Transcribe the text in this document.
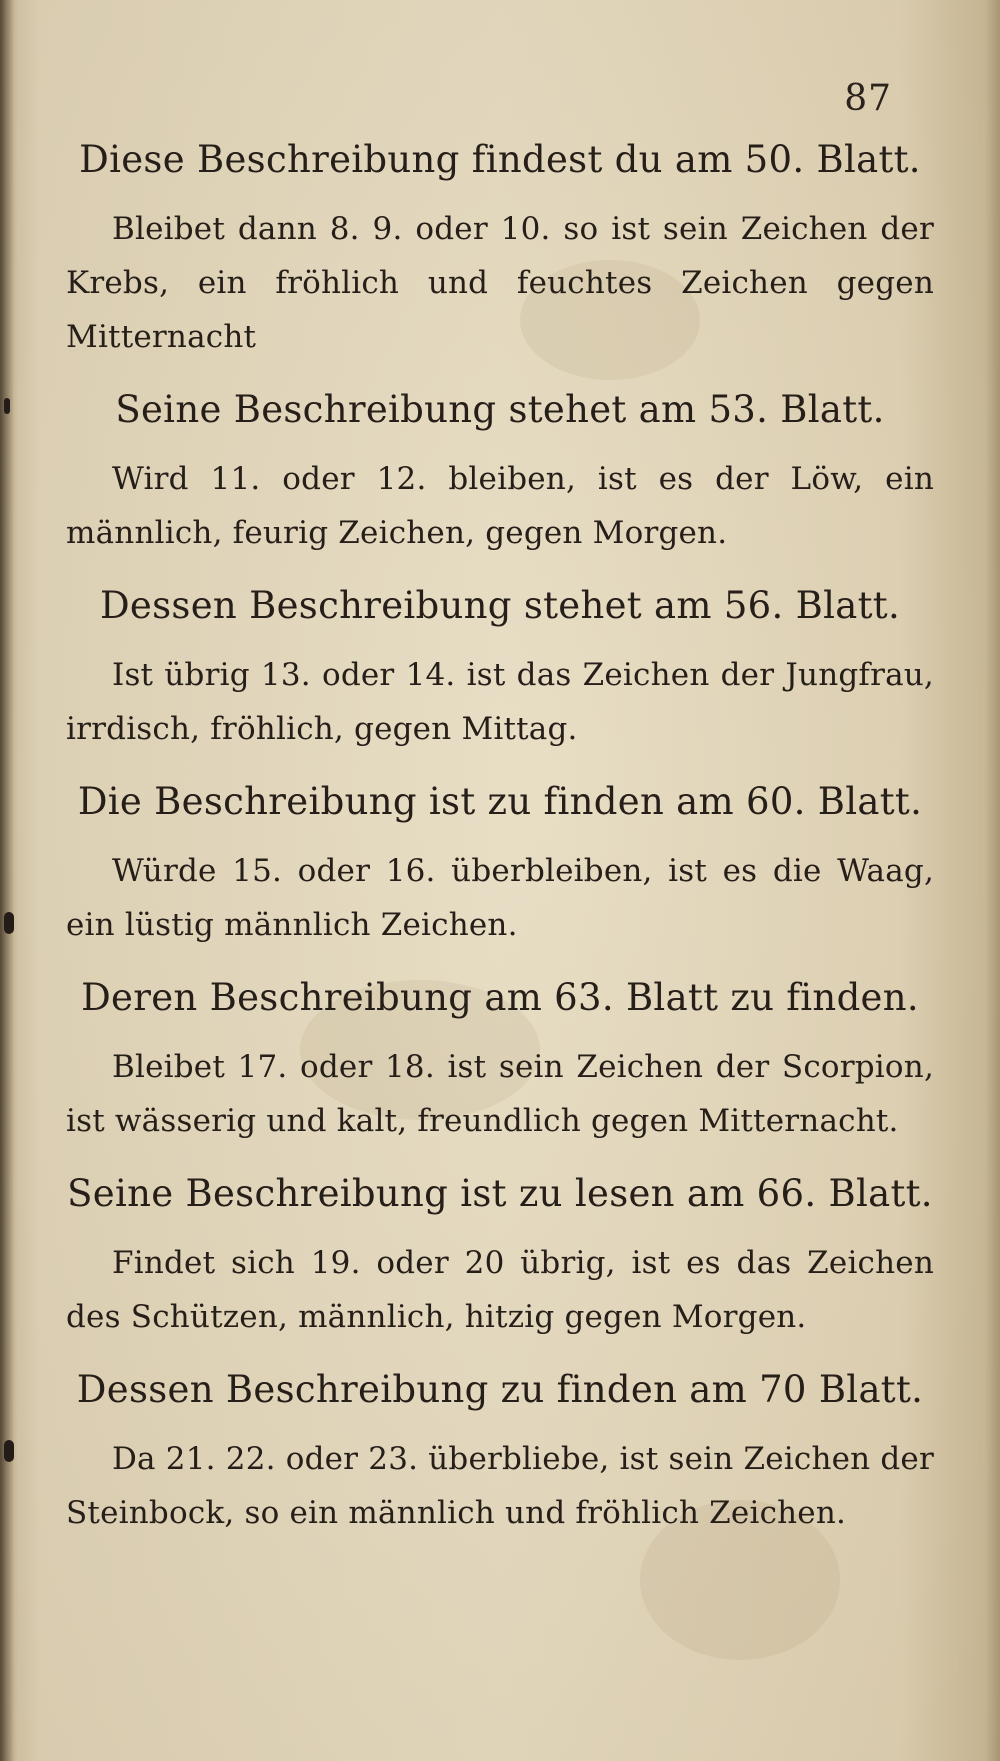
87
Diese Beschreibung findest du am 50. Blatt.
Bleibet dann 8. 9. oder 10. so ist sein Zeichen der Krebs, ein fröhlich und feuchtes Zeichen gegen Mitternacht
Seine Beschreibung stehet am 53. Blatt.
Wird 11. oder 12. bleiben, ist es der Löw, ein männlich, feurig Zeichen, gegen Morgen.
Dessen Beschreibung stehet am 56. Blatt.
Ist übrig 13. oder 14. ist das Zeichen der Jungfrau, irrdisch, fröhlich, gegen Mittag.
Die Beschreibung ist zu finden am 60. Blatt.
Würde 15. oder 16. überbleiben, ist es die Waag, ein lüstig männlich Zeichen.
Deren Beschreibung am 63. Blatt zu finden.
Bleibet 17. oder 18. ist sein Zeichen der Scorpion, ist wässerig und kalt, freundlich gegen Mitternacht.
Seine Beschreibung ist zu lesen am 66. Blatt.
Findet sich 19. oder 20 übrig, ist es das Zeichen des Schützen, männlich, hitzig gegen Morgen.
Dessen Beschreibung zu finden am 70 Blatt.
Da 21. 22. oder 23. überbliebe, ist sein Zeichen der Steinbock, so ein männlich und fröhlich Zeichen.
